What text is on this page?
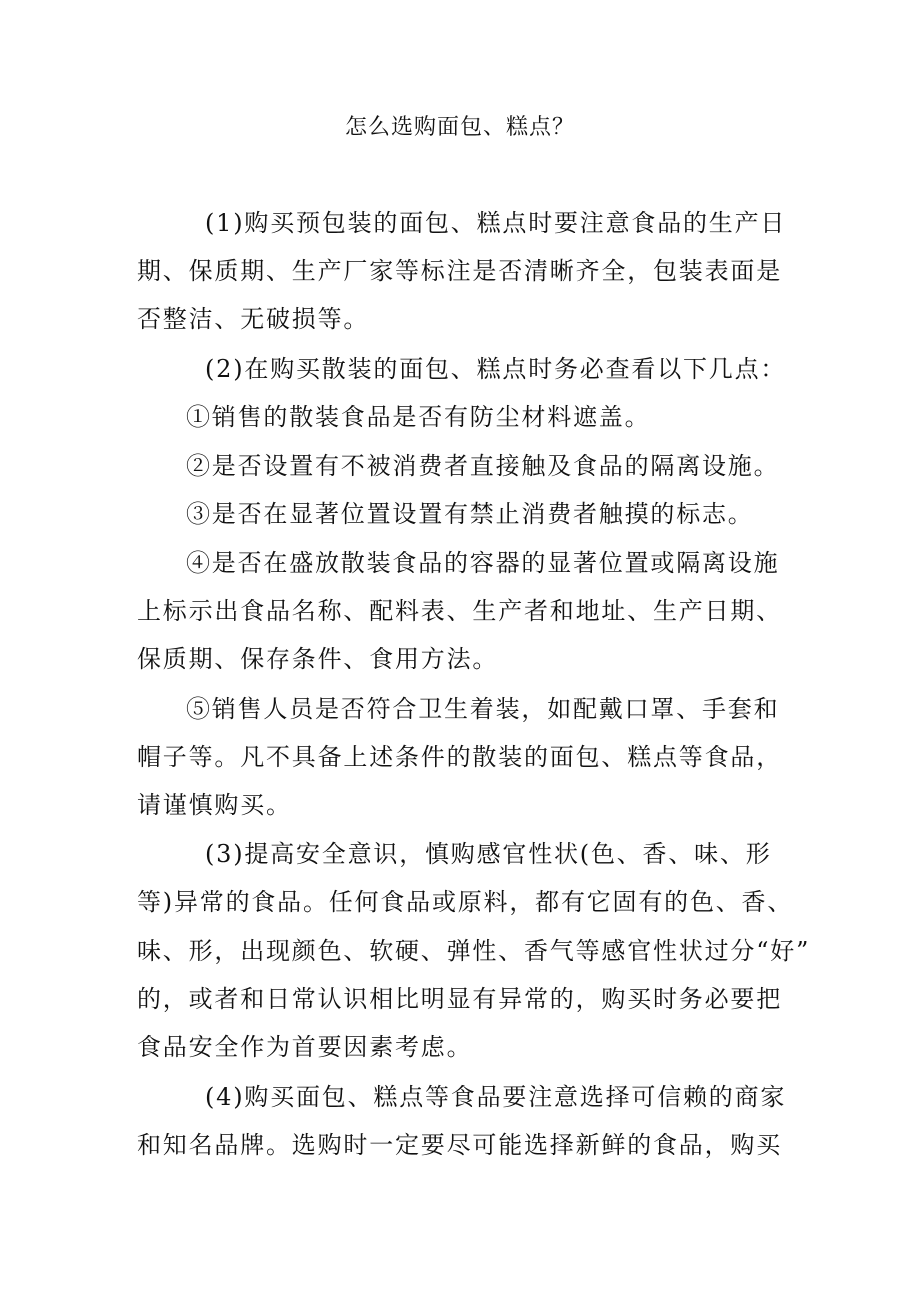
怎么选购面包、糕点？
(1)购买预包装的面包、糕点时要注意食品的生产日
期、保质期、生产厂家等标注是否清晰齐全，包装表面是
否整洁、无破损等。
(2)在购买散装的面包、糕点时务必查看以下几点：
①销售的散装食品是否有防尘材料遮盖。
②是否设置有不被消费者直接触及食品的隔离设施。
③是否在显著位置设置有禁止消费者触摸的标志。
④是否在盛放散装食品的容器的显著位置或隔离设施
上标示出食品名称、配料表、生产者和地址、生产日期、
保质期、保存条件、食用方法。
⑤销售人员是否符合卫生着装，如配戴口罩、手套和
帽子等。凡不具备上述条件的散装的面包、糕点等食品，
请谨慎购买。
(3)提高安全意识，慎购感官性状(色、香、味、形
等)异常的食品。任何食品或原料，都有它固有的色、香、
味、形，出现颜色、软硬、弹性、香气等感官性状过分“好”
的，或者和日常认识相比明显有异常的，购买时务必要把
食品安全作为首要因素考虑。
(4)购买面包、糕点等食品要注意选择可信赖的商家
和知名品牌。选购时一定要尽可能选择新鲜的食品，购买
